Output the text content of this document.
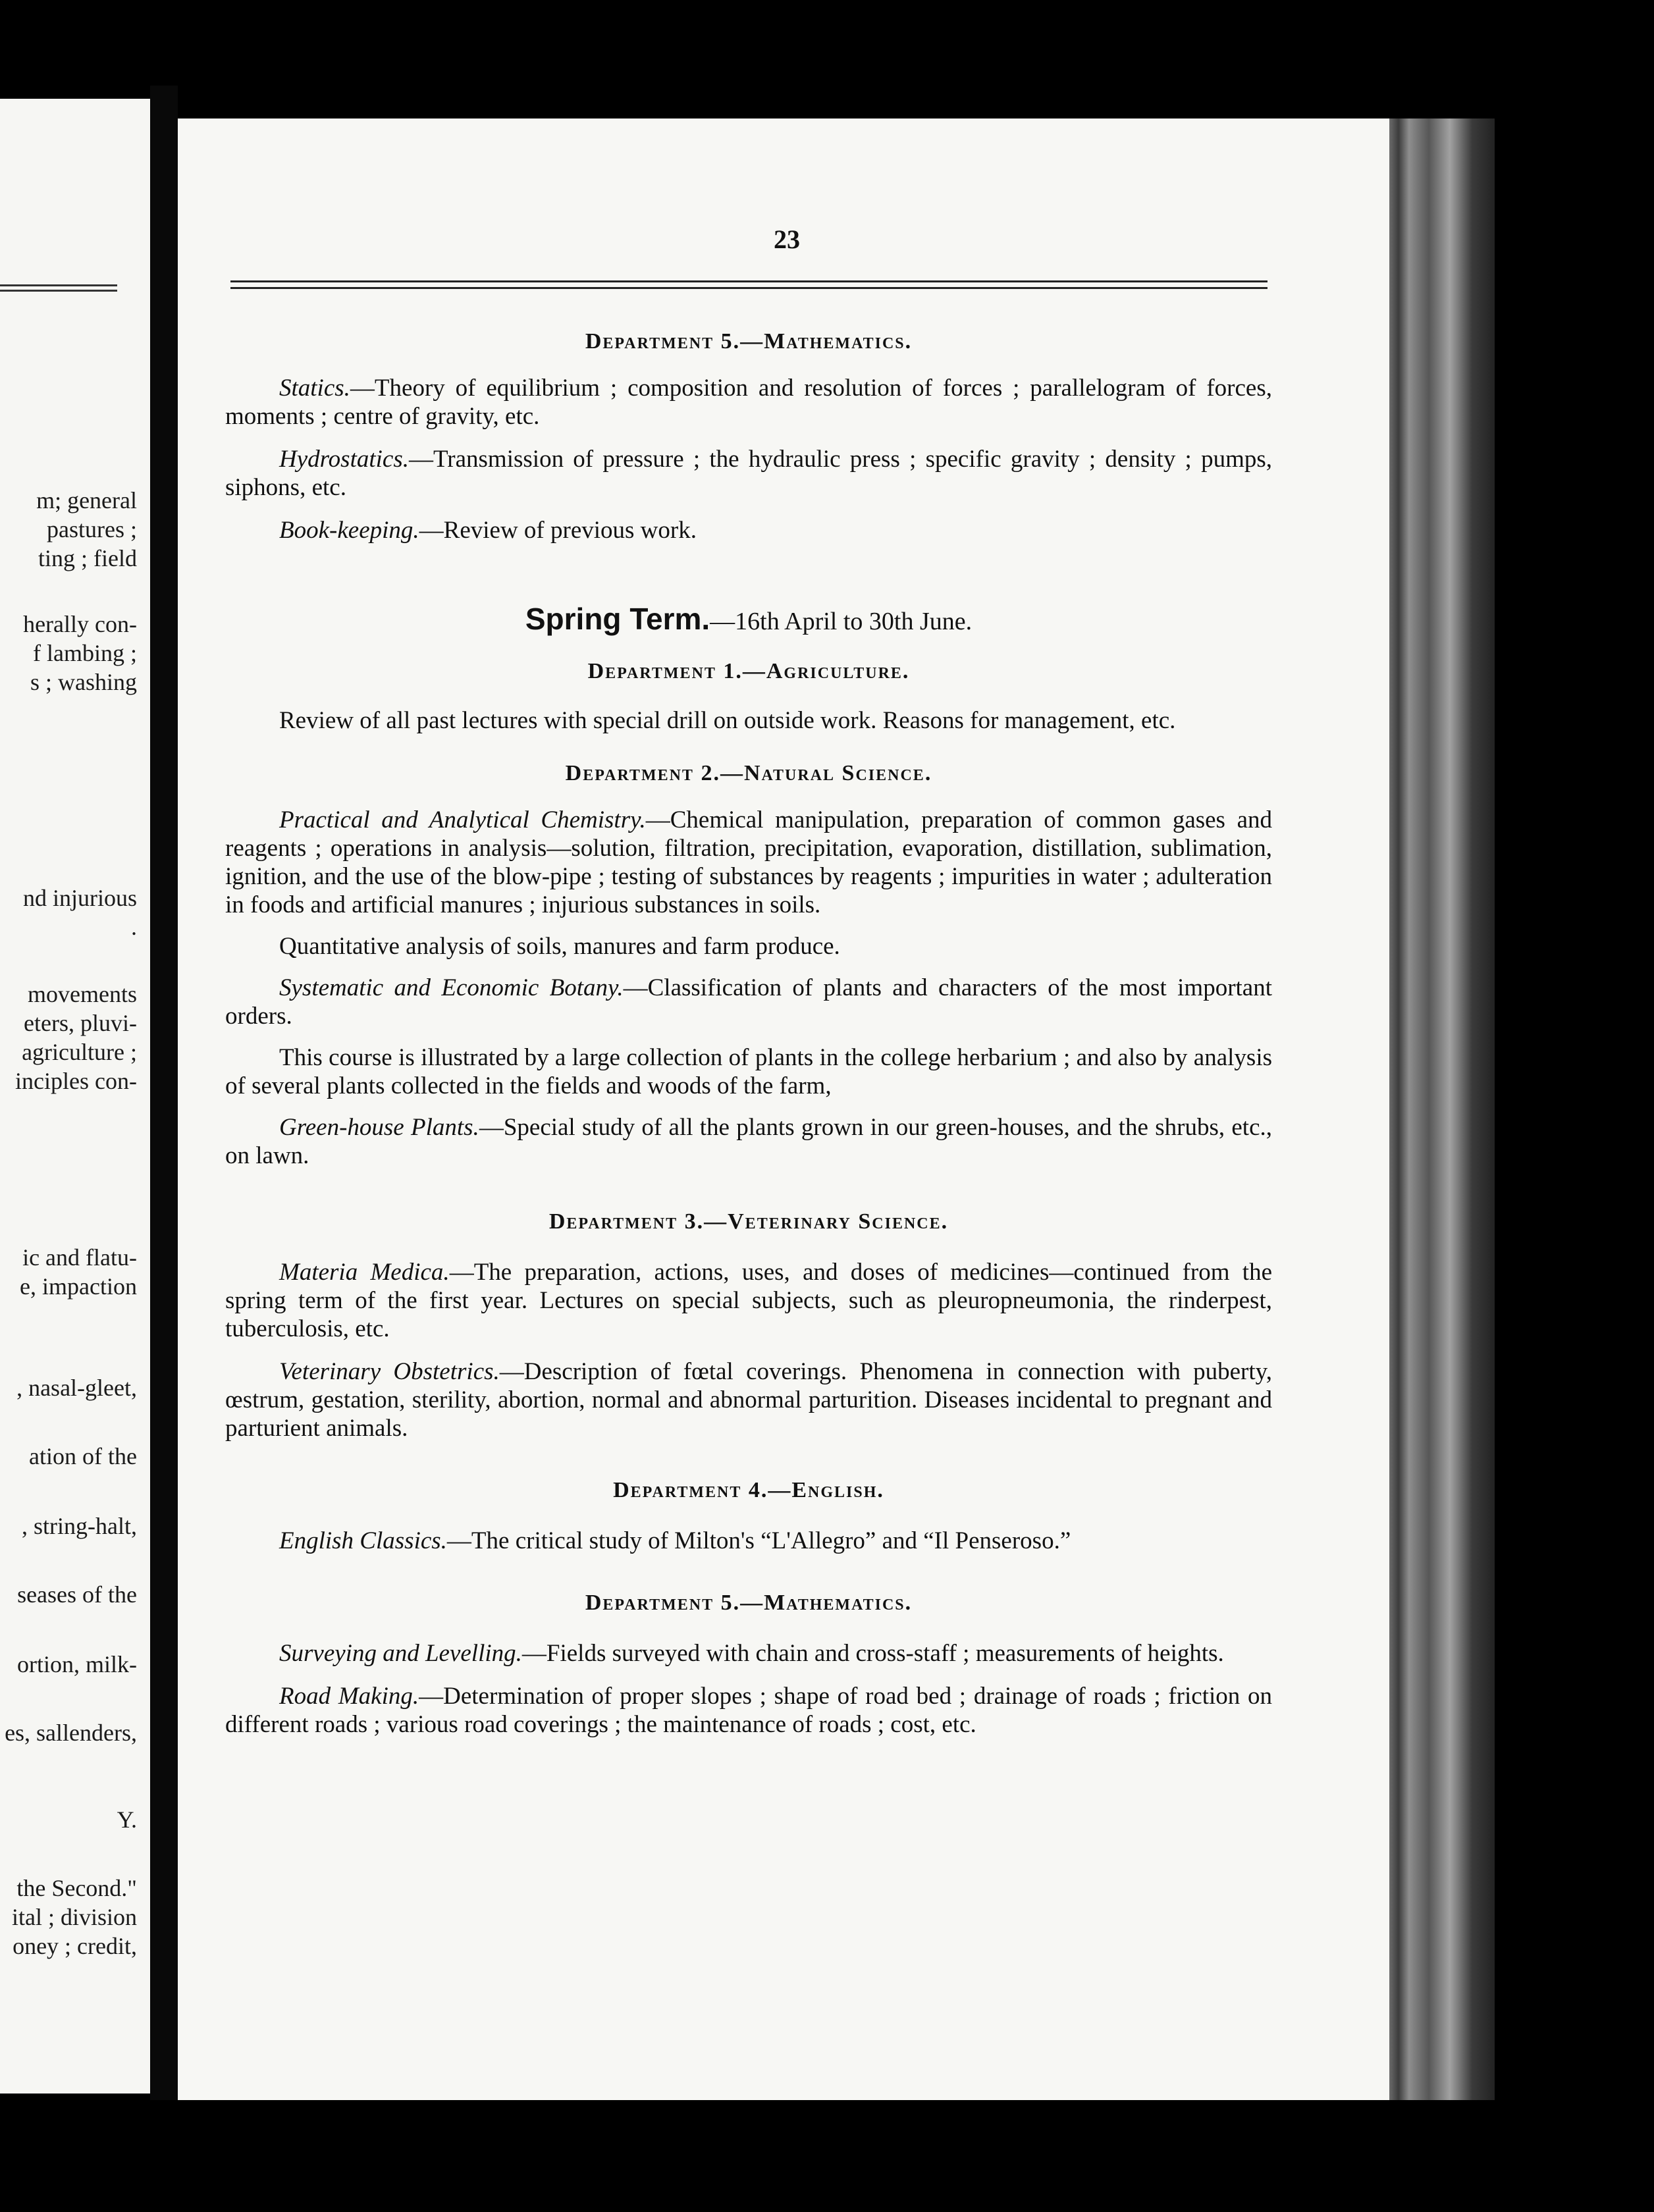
m; general
pastures ;
ting ; field
herally con-
f lambing ;
s ; washing
nd injurious
.
movements
eters, pluvi-
agriculture ;
inciples con-
ic and flatu-
e, impaction
, nasal-gleet,
ation of the
, string-halt,
seases of the
ortion, milk-
es, sallenders,
Y.
the Second."
ital ; division
oney ; credit,
23
Department 5.—Mathematics.

Statics.—Theory of equilibrium ; composition and resolution of forces ; parallelogram of forces, moments ; centre of gravity, etc.

Hydrostatics.—Transmission of pressure ; the hydraulic press ; specific gravity ; density ; pumps, siphons, etc.

Book-keeping.—Review of previous work.

Spring Term.—16th April to 30th June.

Department 1.—Agriculture.

Review of all past lectures with special drill on outside work. Reasons for management, etc.

Department 2.—Natural Science.

Practical and Analytical Chemistry.—Chemical manipulation, preparation of common gases and reagents ; operations in analysis—solution, filtration, precipitation, evaporation, distillation, sublimation, ignition, and the use of the blow-pipe ; testing of substances by reagents ; impurities in water ; adulteration in foods and artificial manures ; injurious substances in soils.

Quantitative analysis of soils, manures and farm produce.

Systematic and Economic Botany.—Classification of plants and characters of the most important orders.

This course is illustrated by a large collection of plants in the college herbarium ; and also by analysis of several plants collected in the fields and woods of the farm,

Green-house Plants.—Special study of all the plants grown in our green-houses, and the shrubs, etc., on lawn.

Department 3.—Veterinary Science.

Materia Medica.—The preparation, actions, uses, and doses of medicines—continued from the spring term of the first year. Lectures on special subjects, such as pleuropneumonia, the rinderpest, tuberculosis, etc.

Veterinary Obstetrics.—Description of fœtal coverings. Phenomena in connection with puberty, œstrum, gestation, sterility, abortion, normal and abnormal parturition. Diseases incidental to pregnant and parturient animals.

Department 4.—English.

English Classics.—The critical study of Milton's “L'Allegro” and “Il Penseroso.”

Department 5.—Mathematics.

Surveying and Levelling.—Fields surveyed with chain and cross-staff ; measurements of heights.

Road Making.—Determination of proper slopes ; shape of road bed ; drainage of roads ; friction on different roads ; various road coverings ; the maintenance of roads ; cost, etc.
